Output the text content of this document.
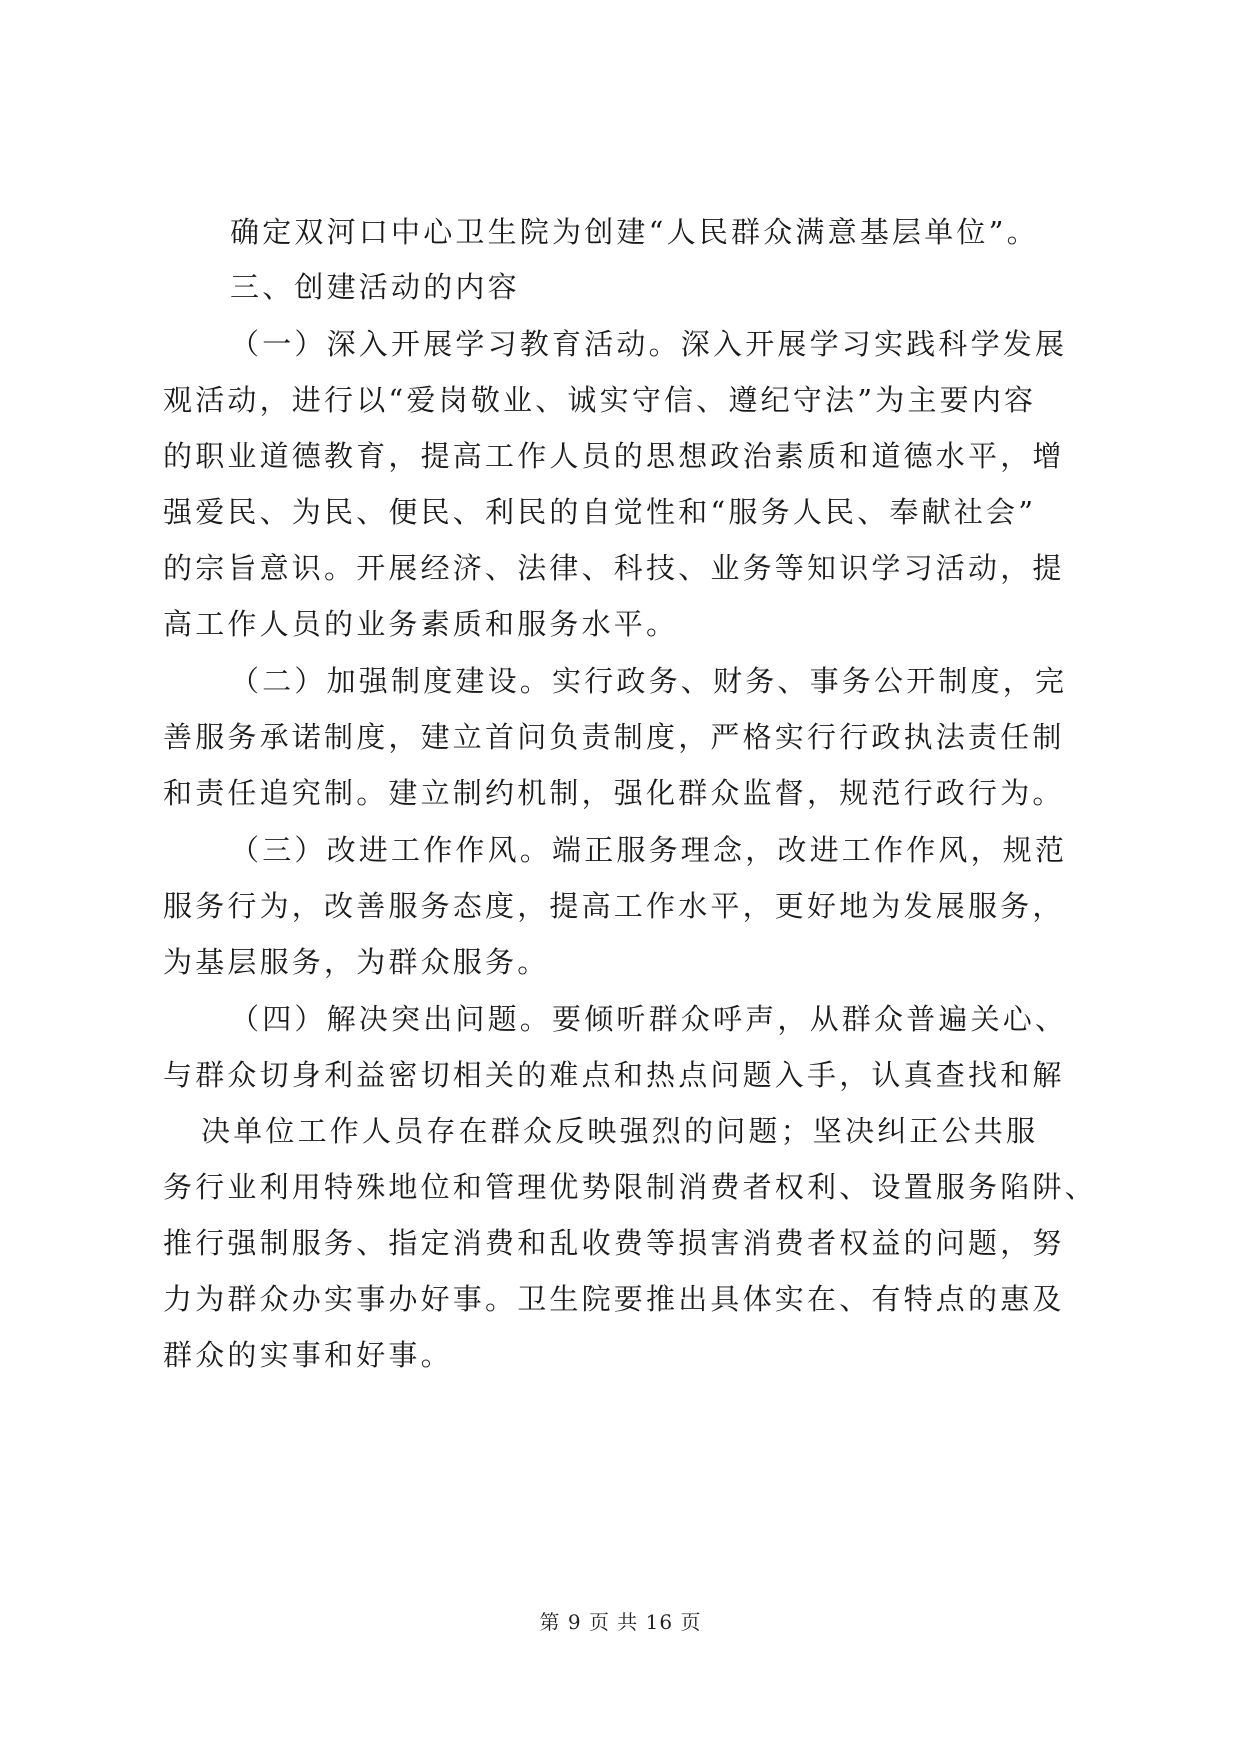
确定双河口中心卫生院为创建“人民群众满意基层单位”。
三、创建活动的内容
（一）深入开展学习教育活动。深入开展学习实践科学发展
观活动，进行以“爱岗敬业、诚实守信、遵纪守法”为主要内容
的职业道德教育，提高工作人员的思想政治素质和道德水平，增
强爱民、为民、便民、利民的自觉性和“服务人民、奉献社会”
的宗旨意识。开展经济、法律、科技、业务等知识学习活动，提
高工作人员的业务素质和服务水平。
（二）加强制度建设。实行政务、财务、事务公开制度，完
善服务承诺制度，建立首问负责制度，严格实行行政执法责任制
和责任追究制。建立制约机制，强化群众监督，规范行政行为。
（三）改进工作作风。端正服务理念，改进工作作风，规范
服务行为，改善服务态度，提高工作水平，更好地为发展服务，
为基层服务，为群众服务。
（四）解决突出问题。要倾听群众呼声，从群众普遍关心、
与群众切身利益密切相关的难点和热点问题入手，认真查找和解
决单位工作人员存在群众反映强烈的问题；坚决纠正公共服
务行业利用特殊地位和管理优势限制消费者权利、设置服务陷阱、
推行强制服务、指定消费和乱收费等损害消费者权益的问题，努
力为群众办实事办好事。卫生院要推出具体实在、有特点的惠及
群众的实事和好事。
第 9 页 共 16 页
